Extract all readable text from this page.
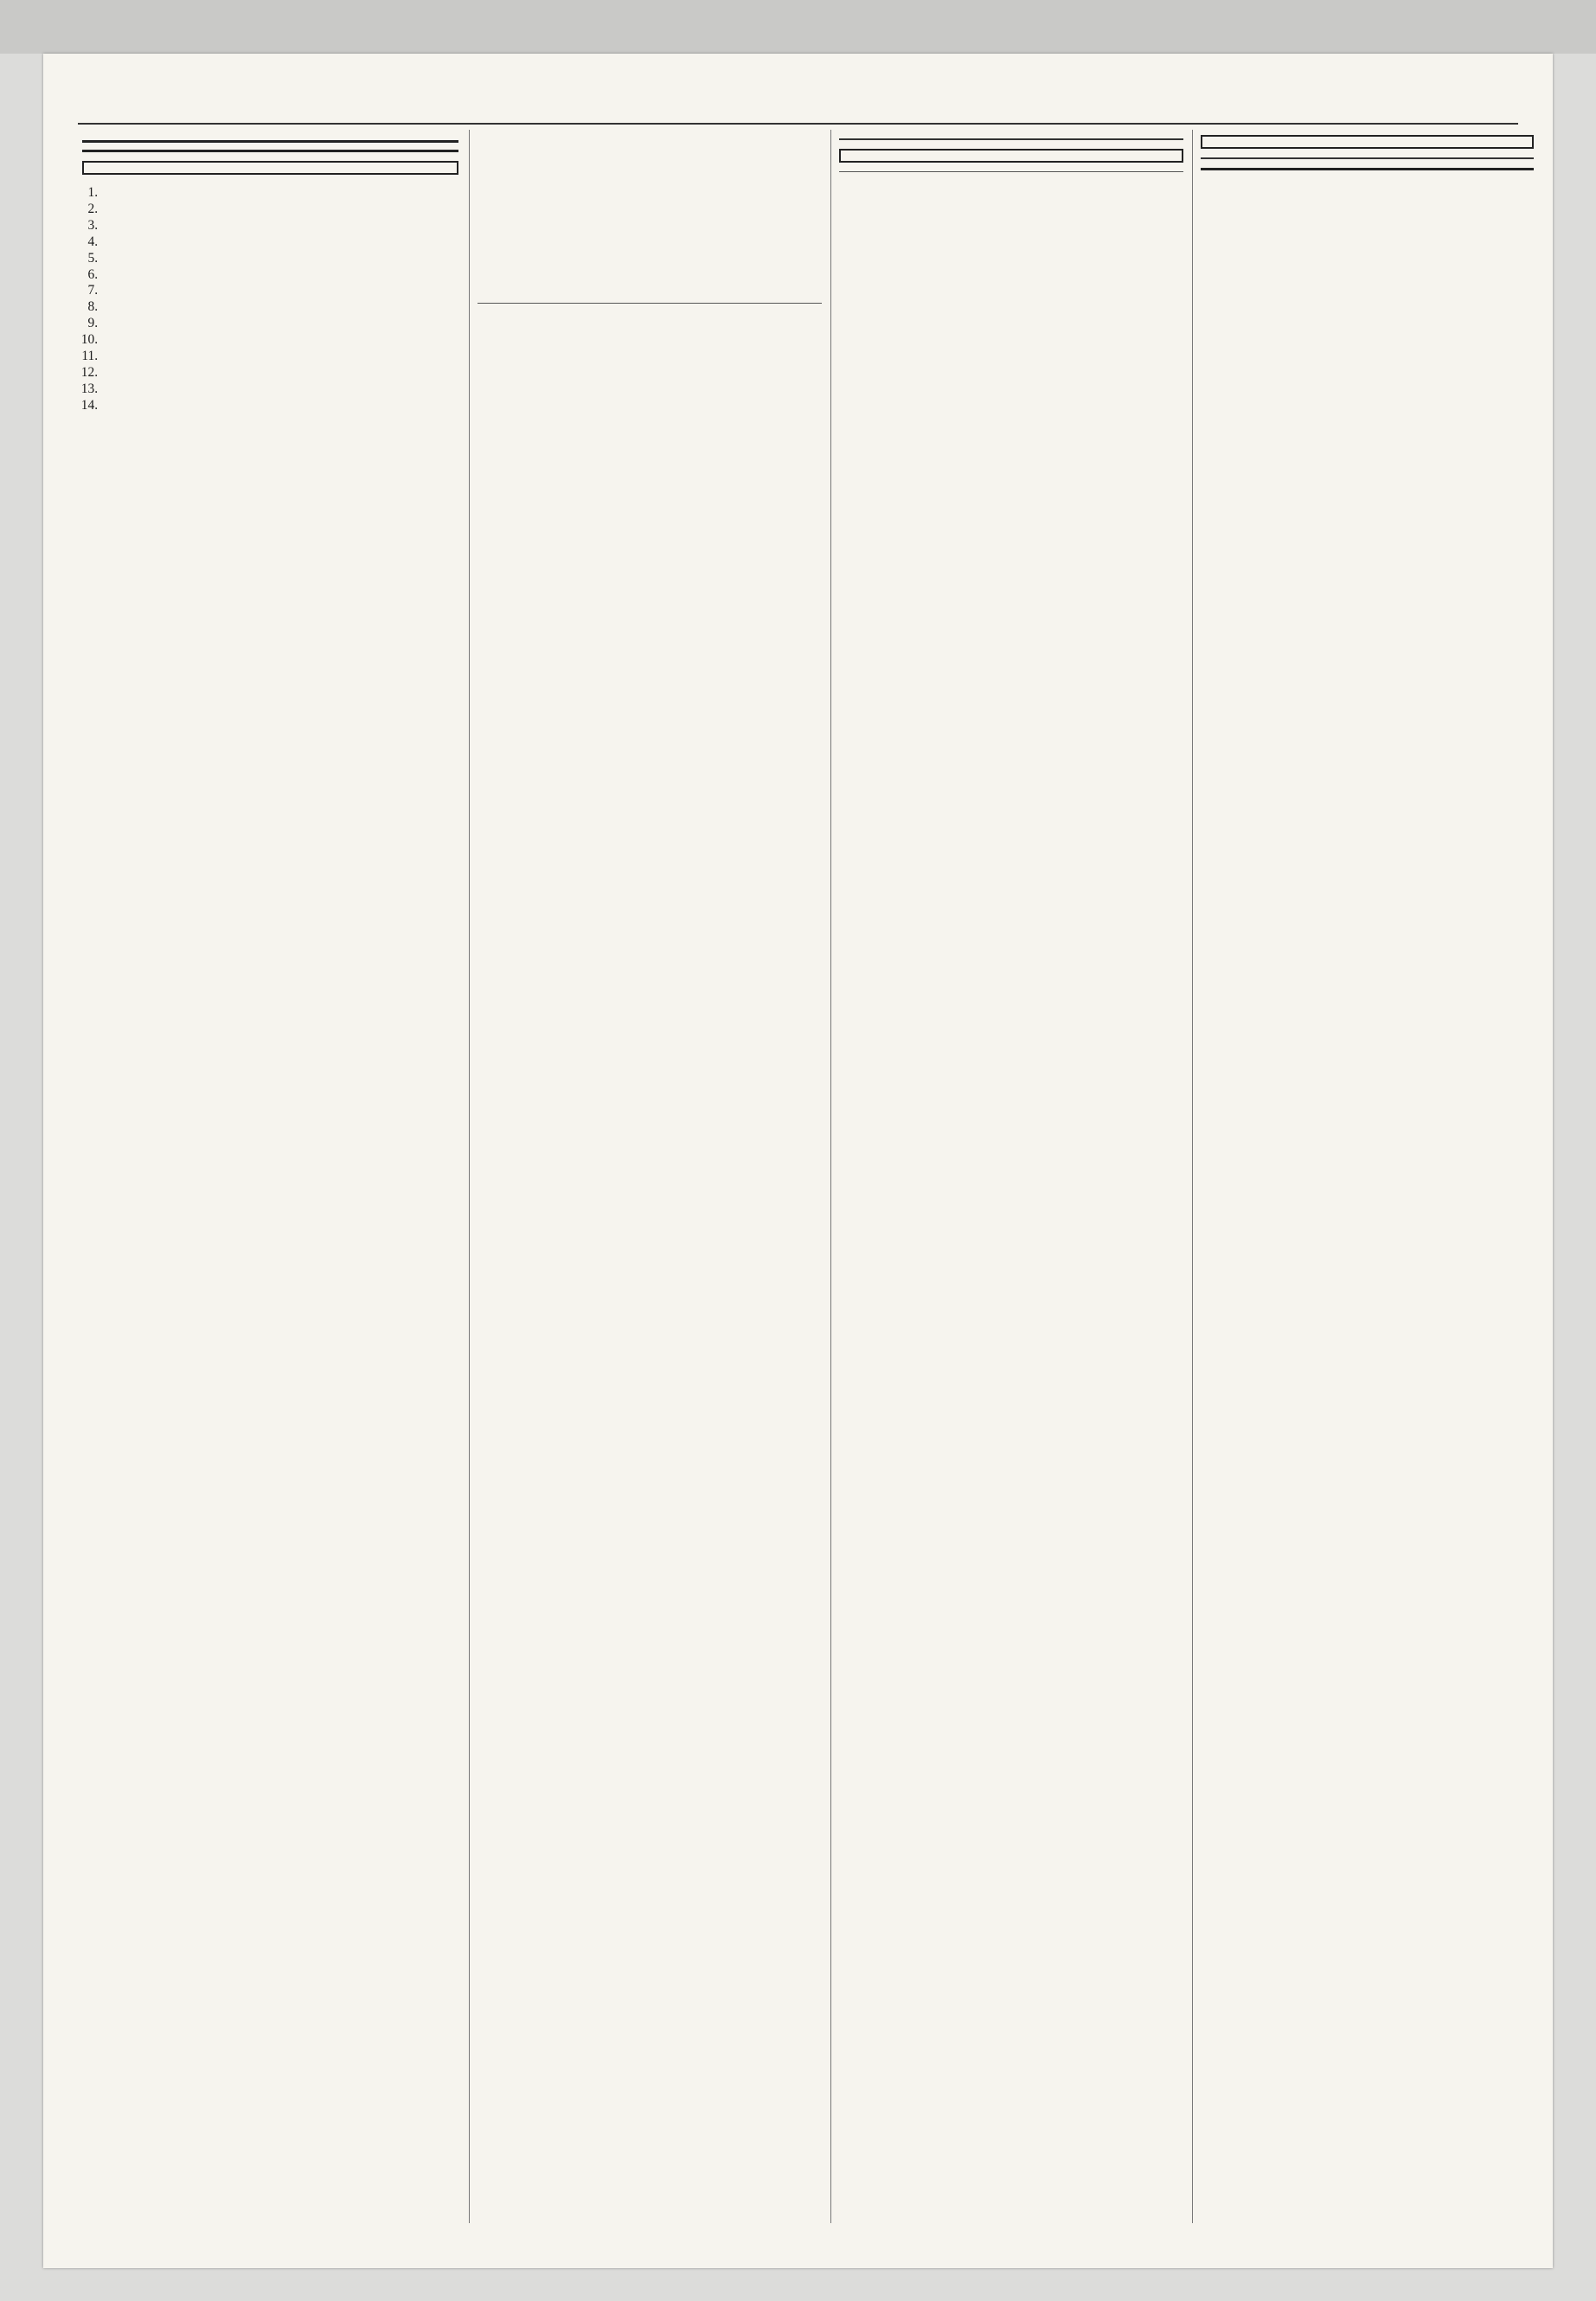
1.
2.
3.
4.
5.
6.
7.
8.
9.
10.
11.
12.
13.
14.
